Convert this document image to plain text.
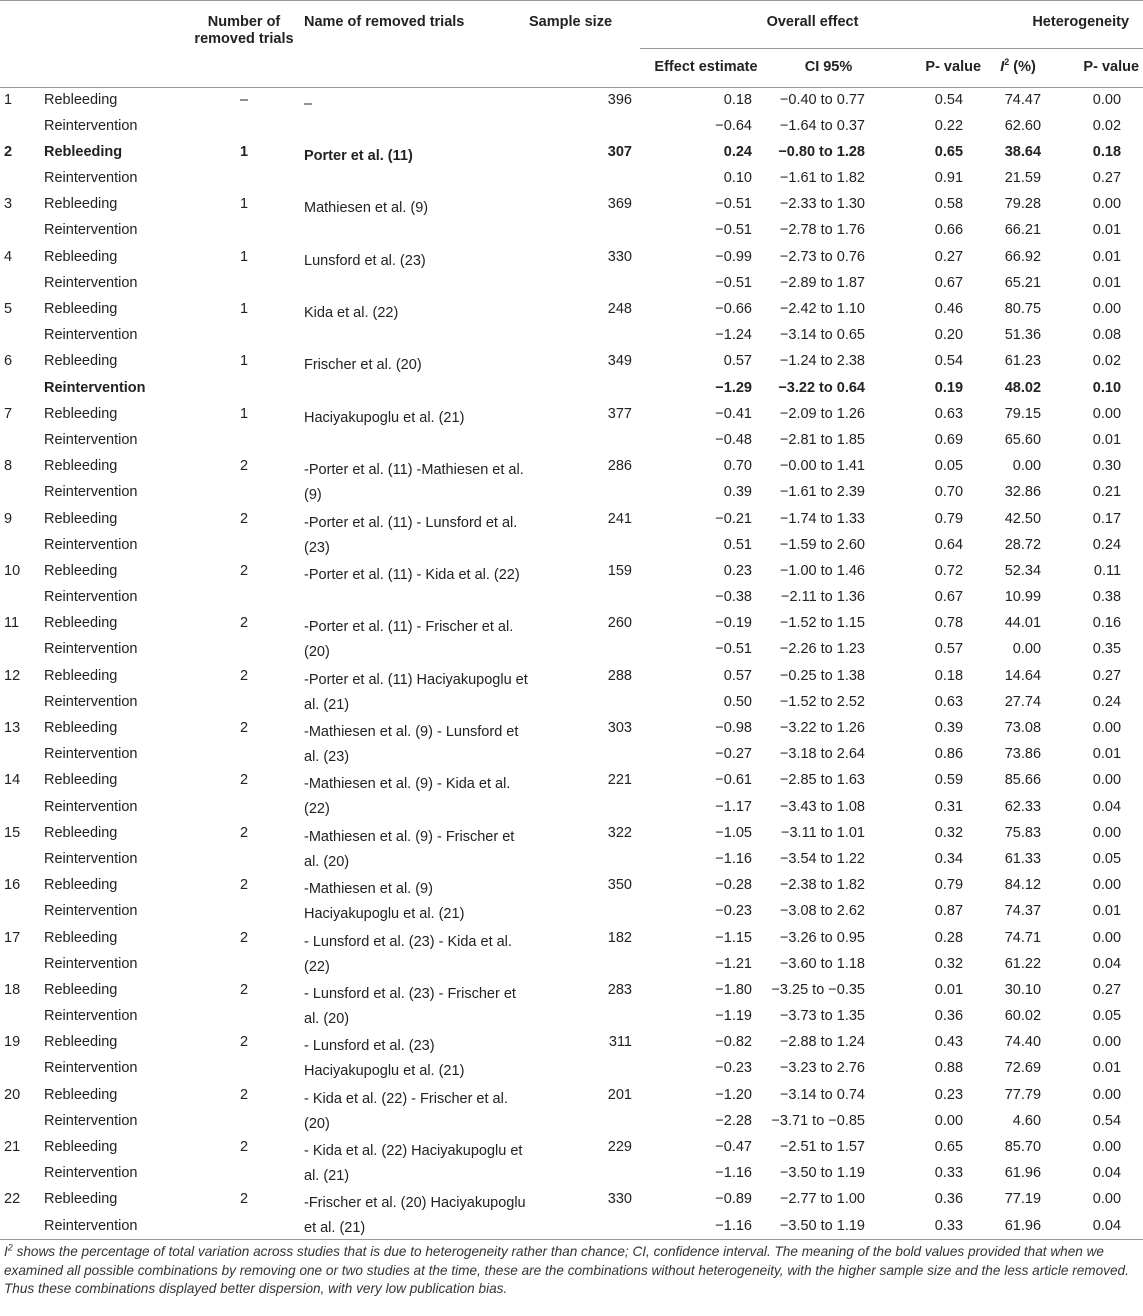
		Number of removed trials	Name of removed trials	Sample size	Overall effect			Heterogeneity	
					Effect estimate	CI 95%	P- value	$I^2$ (%)	P- value
1	Rebleeding	–	–	396	0.18	−0.40 to 0.77	0.54	74.47	0.00
	Reintervention				−0.64	−1.64 to 0.37	0.22	62.60	0.02
2	Rebleeding	1	Porter et al. (11)	307	0.24	−0.80 to 1.28	0.65	38.64	0.18
	Reintervention				0.10	−1.61 to 1.82	0.91	21.59	0.27
3	Rebleeding	1	Mathiesen et al. (9)	369	−0.51	−2.33 to 1.30	0.58	79.28	0.00
	Reintervention				−0.51	−2.78 to 1.76	0.66	66.21	0.01
4	Rebleeding	1	Lunsford et al. (23)	330	−0.99	−2.73 to 0.76	0.27	66.92	0.01
	Reintervention				−0.51	−2.89 to 1.87	0.67	65.21	0.01
5	Rebleeding	1	Kida et al. (22)	248	−0.66	−2.42 to 1.10	0.46	80.75	0.00
	Reintervention				−1.24	−3.14 to 0.65	0.20	51.36	0.08
6	Rebleeding	1	Frischer et al. (20)	349	0.57	−1.24 to 2.38	0.54	61.23	0.02
	Reintervention				−1.29	−3.22 to 0.64	0.19	48.02	0.10
7	Rebleeding	1	Haciyakupoglu et al. (21)	377	−0.41	−2.09 to 1.26	0.63	79.15	0.00
	Reintervention				−0.48	−2.81 to 1.85	0.69	65.60	0.01
8	Rebleeding	2	-Porter et al. (11) -Mathiesen et al. (9)	286	0.70	−0.00 to 1.41	0.05	0.00	0.30
	Reintervention				0.39	−1.61 to 2.39	0.70	32.86	0.21
9	Rebleeding	2	-Porter et al. (11) - Lunsford et al. (23)	241	−0.21	−1.74 to 1.33	0.79	42.50	0.17
	Reintervention				0.51	−1.59 to 2.60	0.64	28.72	0.24
10	Rebleeding	2	-Porter et al. (11) - Kida et al. (22)	159	0.23	−1.00 to 1.46	0.72	52.34	0.11
	Reintervention				−0.38	−2.11 to 1.36	0.67	10.99	0.38
11	Rebleeding	2	-Porter et al. (11) - Frischer et al. (20)	260	−0.19	−1.52 to 1.15	0.78	44.01	0.16
	Reintervention				−0.51	−2.26 to 1.23	0.57	0.00	0.35
12	Rebleeding	2	-Porter et al. (11) Haciyakupoglu et al. (21)	288	0.57	−0.25 to 1.38	0.18	14.64	0.27
	Reintervention				0.50	−1.52 to 2.52	0.63	27.74	0.24
13	Rebleeding	2	-Mathiesen et al. (9) - Lunsford et al. (23)	303	−0.98	−3.22 to 1.26	0.39	73.08	0.00
	Reintervention				−0.27	−3.18 to 2.64	0.86	73.86	0.01
14	Rebleeding	2	-Mathiesen et al. (9) - Kida et al. (22)	221	−0.61	−2.85 to 1.63	0.59	85.66	0.00
	Reintervention				−1.17	−3.43 to 1.08	0.31	62.33	0.04
15	Rebleeding	2	-Mathiesen et al. (9) - Frischer et al. (20)	322	−1.05	−3.11 to 1.01	0.32	75.83	0.00
	Reintervention				−1.16	−3.54 to 1.22	0.34	61.33	0.05
16	Rebleeding	2	-Mathiesen et al. (9) Haciyakupoglu et al. (21)	350	−0.28	−2.38 to 1.82	0.79	84.12	0.00
	Reintervention				−0.23	−3.08 to 2.62	0.87	74.37	0.01
17	Rebleeding	2	- Lunsford et al. (23) - Kida et al. (22)	182	−1.15	−3.26 to 0.95	0.28	74.71	0.00
	Reintervention				−1.21	−3.60 to 1.18	0.32	61.22	0.04
18	Rebleeding	2	- Lunsford et al. (23) - Frischer et al. (20)	283	−1.80	−3.25 to −0.35	0.01	30.10	0.27
	Reintervention				−1.19	−3.73 to 1.35	0.36	60.02	0.05
19	Rebleeding	2	- Lunsford et al. (23) Haciyakupoglu et al. (21)	311	−0.82	−2.88 to 1.24	0.43	74.40	0.00
	Reintervention				−0.23	−3.23 to 2.76	0.88	72.69	0.01
20	Rebleeding	2	- Kida et al. (22) - Frischer et al. (20)	201	−1.20	−3.14 to 0.74	0.23	77.79	0.00
	Reintervention				−2.28	−3.71 to −0.85	0.00	4.60	0.54
21	Rebleeding	2	- Kida et al. (22) Haciyakupoglu et al. (21)	229	−0.47	−2.51 to 1.57	0.65	85.70	0.00
	Reintervention				−1.16	−3.50 to 1.19	0.33	61.96	0.04
22	Rebleeding	2	-Frischer et al. (20) Haciyakupoglu et al. (21)	330	−0.89	−2.77 to 1.00	0.36	77.19	0.00
	Reintervention				−1.16	−3.50 to 1.19	0.33	61.96	0.04
$I^2$ shows the percentage of total variation across studies that is due to heterogeneity rather than chance; CI, confidence interval. The meaning of the bold values provided that when we examined all possible combinations by removing one or two studies at the time, these are the combinations without heterogeneity, with the higher sample size and the less article removed. Thus these combinations displayed better dispersion, with very low publication bias.
